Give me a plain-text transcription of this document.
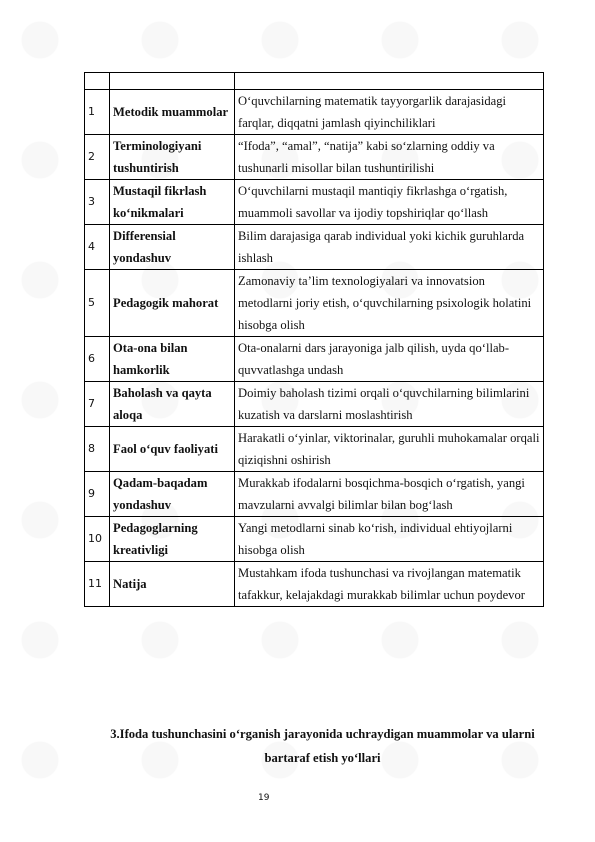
1	Metodik muammolar	O‘quvchilarning matematik tayyorgarlik darajasidagi farqlar, diqqatni jamlash qiyinchiliklari
2	Terminologiyani tushuntirish	“Ifoda”, “amal”, “natija” kabi so‘zlarning oddiy va tushunarli misollar bilan tushuntirilishi
3	Mustaqil fikrlash ko‘nikmalari	O‘quvchilarni mustaqil mantiqiy fikrlashga o‘rgatish, muammoli savollar va ijodiy topshiriqlar qo‘llash
4	Differensial yondashuv	Bilim darajasiga qarab individual yoki kichik guruhlarda ishlash
5	Pedagogik mahorat	Zamonaviy ta’lim texnologiyalari va innovatsion metodlarni joriy etish, o‘quvchilarning psixologik holatini hisobga olish
6	Ota-ona bilan hamkorlik	Ota-onalarni dars jarayoniga jalb qilish, uyda qo‘llab-quvvatlashga undash
7	Baholash va qayta aloqa	Doimiy baholash tizimi orqali o‘quvchilarning bilimlarini kuzatish va darslarni moslashtirish
8	Faol o‘quv faoliyati	Harakatli o‘yinlar, viktorinalar, guruhli muhokamalar orqali qiziqishni oshirish
9	Qadam-baqadam yondashuv	Murakkab ifodalarni bosqichma-bosqich o‘rgatish, yangi mavzularni avvalgi bilimlar bilan bog‘lash
10	Pedagoglarning kreativligi	Yangi metodlarni sinab ko‘rish, individual ehtiyojlarni hisobga olish
11	Natija	Mustahkam ifoda tushunchasi va rivojlangan matematik tafakkur, kelajakdagi murakkab bilimlar uchun poydevor
3.Ifoda tushunchasini o‘rganish jarayonida uchraydigan muammolar va ularni bartaraf etish yo‘llari
19
